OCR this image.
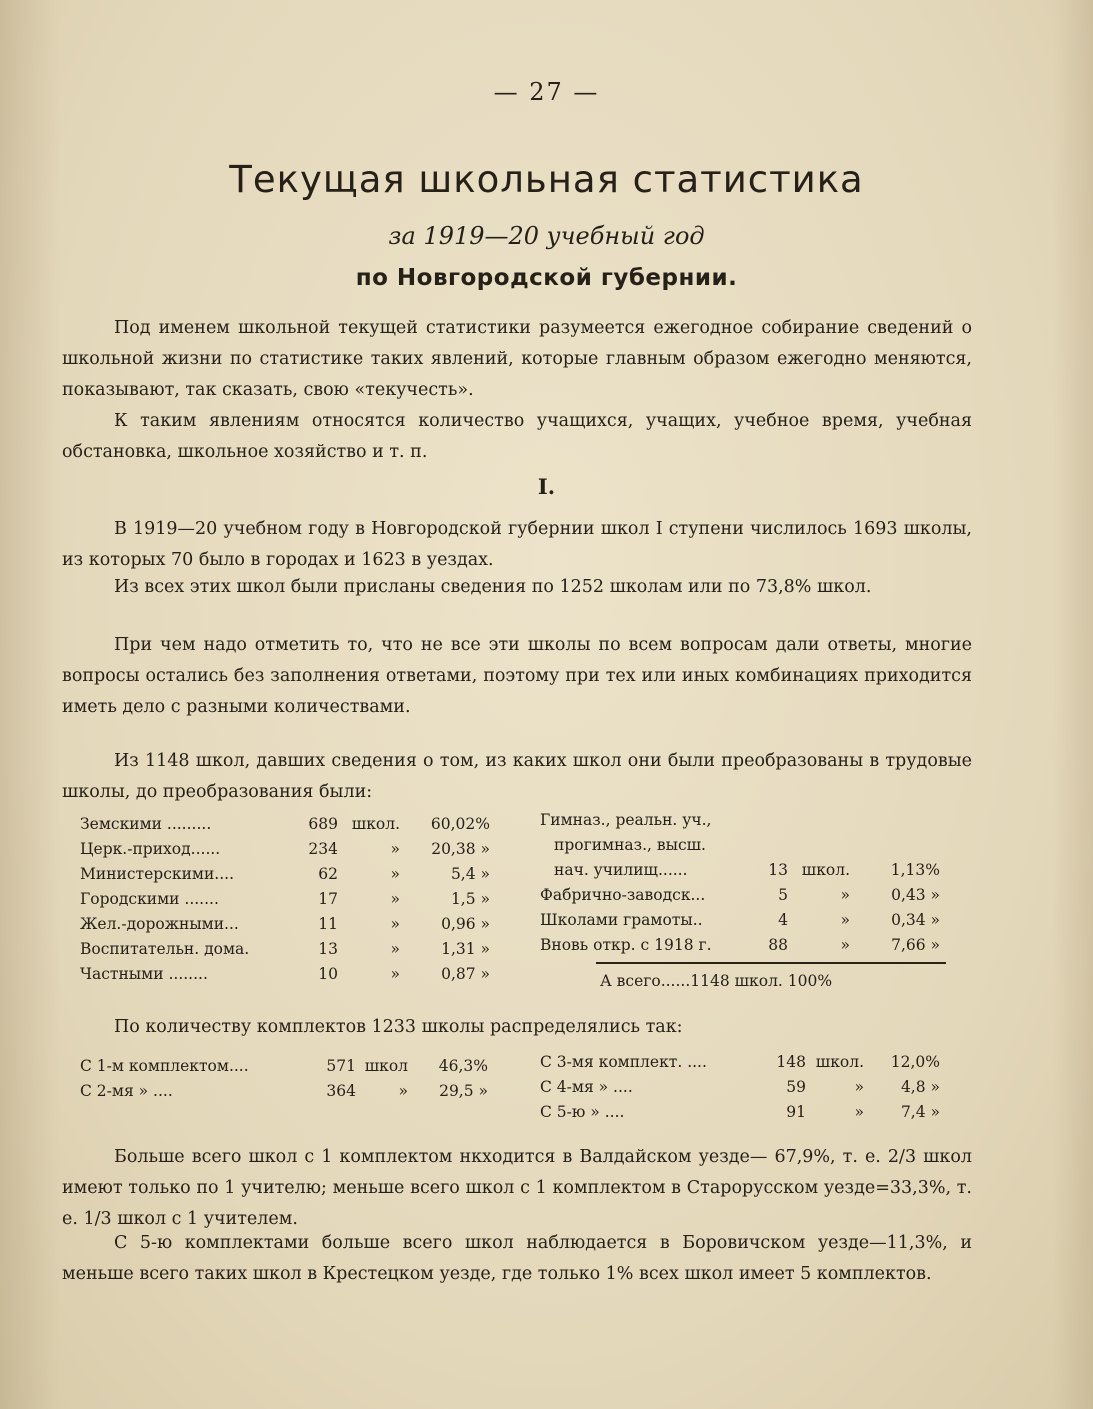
— 27 —
Текущая школьная статистика
за 1919—20 учебный год
по Новгородской губернии.
Под именем школьной текущей статистики разумеется ежегодное собирание сведений о школьной жизни по статистике таких явлений, которые главным образом ежегодно меняются, показывают, так сказать, свою «текучесть».
К таким явлениям относятся количество учащихся, учащих, учебное время, учебная обстановка, школьное хозяйство и т. п.
I.
В 1919—20 учебном году в Новгородской губернии школ I ступени числилось 1693 школы, из которых 70 было в городах и 1623 в уездах.
Из всех этих школ были присланы сведения по 1252 школам или по 73,8% школ.
При чем надо отметить то, что не все эти школы по всем вопросам дали ответы, многие вопросы остались без заполнения ответами, поэтому при тех или иных комбинациях приходится иметь дело с разными количествами.
Из 1148 школ, давших сведения о том, из каких школ они были преобразованы в трудовые школы, до преобразования были:
Земскими .........	689	школ.	60,02%
Церк.-приход......	234	»	20,38 »
Министерскими....	62	»	5,4 »
Городскими .......	17	»	1,5 »
Жел.-дорожными...	11	»	0,96 »
Воспитательн. дома.	13	»	1,31 »
Частными ........	10	»	0,87 »
Гимназ., реальн. уч.,			
прогимназ., высш.			
нач. училищ......	13	школ.	1,13%
Фабрично-заводск...	5	»	0,43 »
Школами грамоты..	4	»	0,34 »
Вновь откр. с 1918 г.	88	»	7,66 »
А всего......1148 школ. 100%
По количеству комплектов 1233 школы распределялись так:
С 1-м комплектом....	571	школ	46,3%
С 2-мя » ....	364	»	29,5 »
С 3-мя комплект. ....	148	школ.	12,0%
С 4-мя » ....	59	»	4,8 »
С 5-ю » ....	91	»	7,4 »
Больше всего школ с 1 комплектом нкходится в Валдайском уезде— 67,9%, т. е. 2/3 школ имеют только по 1 учителю; меньше всего школ с 1 комплектом в Старорусском уезде=33,3%, т. е. 1/3 школ с 1 учителем.
С 5-ю комплектами больше всего школ наблюдается в Боровичском уезде—11,3%, и меньше всего таких школ в Крестецком уезде, где только 1% всех школ имеет 5 комплектов.
